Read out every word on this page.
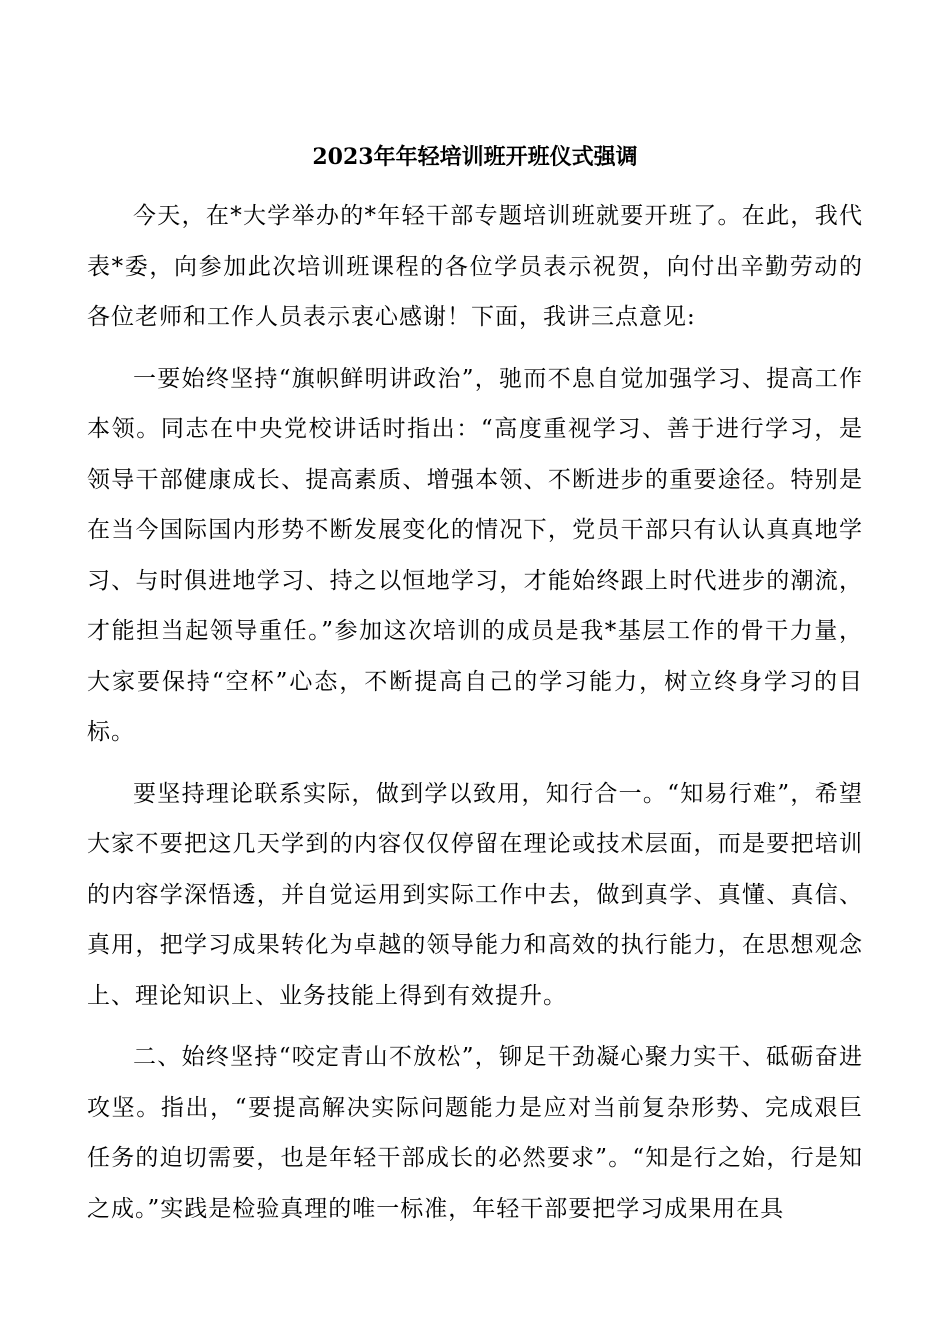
2023年年轻培训班开班仪式强调

今天，在*大学举办的*年轻干部专题培训班就要开班了。在此，我代表*委，向参加此次培训班课程的各位学员表示祝贺，向付出辛勤劳动的各位老师和工作人员表示衷心感谢！下面，我讲三点意见:

一要始终坚持“旗帜鲜明讲政治”，驰而不息自觉加强学习、提高工作本领。同志在中央党校讲话时指出：“高度重视学习、善于进行学习，是领导干部健康成长、提高素质、增强本领、不断进步的重要途径。特别是在当今国际国内形势不断发展变化的情况下，党员干部只有认认真真地学习、与时俱进地学习、持之以恒地学习，才能始终跟上时代进步的潮流，才能担当起领导重任。”参加这次培训的成员是我*基层工作的骨干力量，大家要保持“空杯”心态，不断提高自己的学习能力，树立终身学习的目标。

要坚持理论联系实际，做到学以致用，知行合一。“知易行难”，希望大家不要把这几天学到的内容仅仅停留在理论或技术层面，而是要把培训的内容学深悟透，并自觉运用到实际工作中去，做到真学、真懂、真信、真用，把学习成果转化为卓越的领导能力和高效的执行能力，在思想观念上、理论知识上、业务技能上得到有效提升。

二、始终坚持“咬定青山不放松”，铆足干劲凝心聚力实干、砥砺奋进攻坚。指出，“要提高解决实际问题能力是应对当前复杂形势、完成艰巨任务的迫切需要，也是年轻干部成长的必然要求”。“知是行之始，行是知之成。”实践是检验真理的唯一标准，年轻干部要把学习成果用在具
